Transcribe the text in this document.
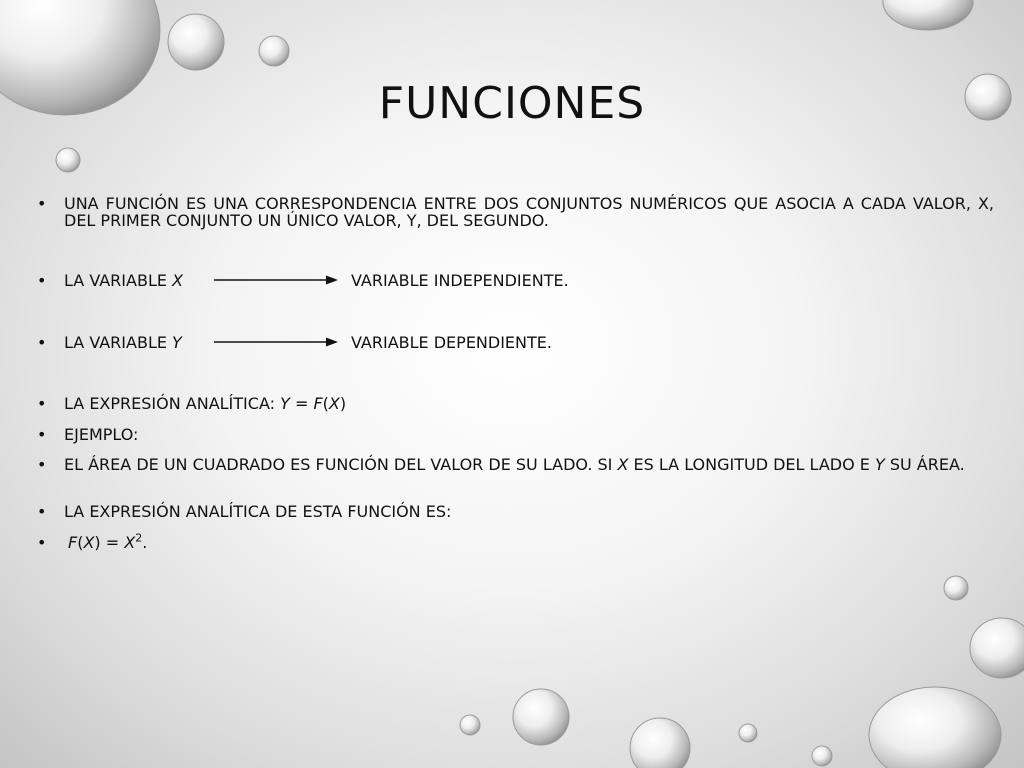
FUNCIONES
• UNA FUNCIÓN ES UNA CORRESPONDENCIA ENTRE DOS CONJUNTOS NUMÉRICOS QUE ASOCIA A CADA VALOR, X, DEL PRIMER CONJUNTO UN ÚNICO VALOR, Y, DEL SEGUNDO.
• LA VARIABLE X	VARIABLE INDEPENDIENTE.
• LA VARIABLE Y	VARIABLE DEPENDIENTE.
• LA EXPRESIÓN ANALÍTICA: Y = F(X)
• EJEMPLO:
• EL ÁREA DE UN CUADRADO ES FUNCIÓN DEL VALOR DE SU LADO. SI X ES LA LONGITUD DEL LADO E Y SU ÁREA.
• LA EXPRESIÓN ANALÍTICA DE ESTA FUNCIÓN ES:
• $F(X) = X^2$.
